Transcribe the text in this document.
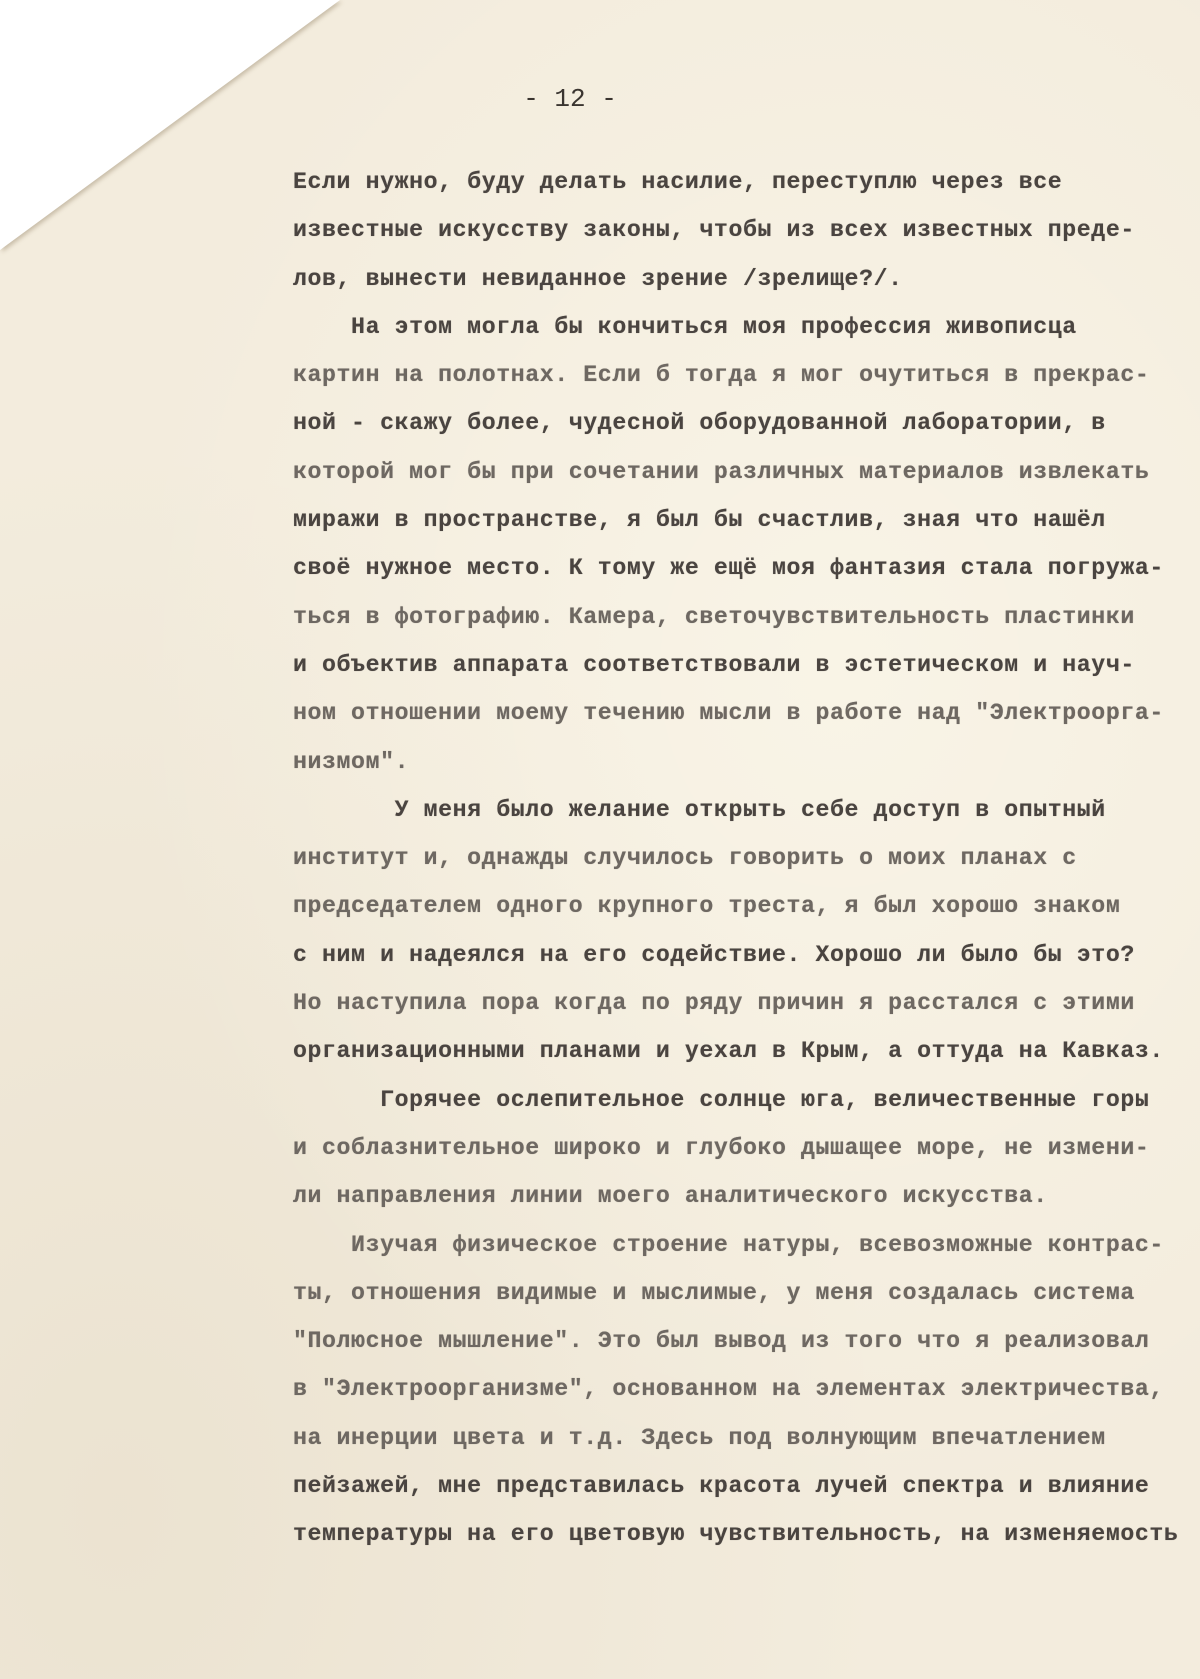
- 12 -
Если нужно, буду делать насилие, переступлю через все
известные искусству законы, чтобы из всех известных преде-
лов, вынести невиданное зрение /зрелище?/.
На этом могла бы кончиться моя профессия живописца
картин на полотнах. Если б тогда я мог очутиться в прекрас-
ной - скажу более, чудесной оборудованной лаборатории, в
которой мог бы при сочетании различных материалов извлекать
миражи в пространстве, я был бы счастлив, зная что нашёл
своё нужное место. К тому же ещё моя фантазия стала погружа-
ться в фотографию. Камера, светочувствительность пластинки
и объектив аппарата соответствовали в эстетическом и науч-
ном отношении моему течению мысли в работе над "Электрооргa-
низмом".
У меня было желание открыть себе доступ в опытный
институт и, однажды случилось говорить о моих планах с
председателем одного крупного треста, я был хорошо знаком
с ним и надеялся на его содействие. Хорошо ли было бы это?
Но наступила пора когда по ряду причин я расстался с этими
организационными планами и уехал в Крым, а оттуда на Кавказ.
Горячее ослепительное солнце юга, величественные горы
и соблазнительное широко и глубоко дышащее море, не измени-
ли направления линии моего аналитического искусства.
Изучая физическое строение натуры, всевозможные контрас-
ты, отношения видимые и мыслимые, у меня создалась система
"Полюсное мышление". Это был вывод из того что я реализовал
в "Электроорганизме", основанном на элементах электричества,
на инерции цвета и т.д. Здесь под волнующим впечатлением
пейзажей, мне представилась красота лучей спектра и влияние
температуры на его цветовую чувствительность, на изменяемость
